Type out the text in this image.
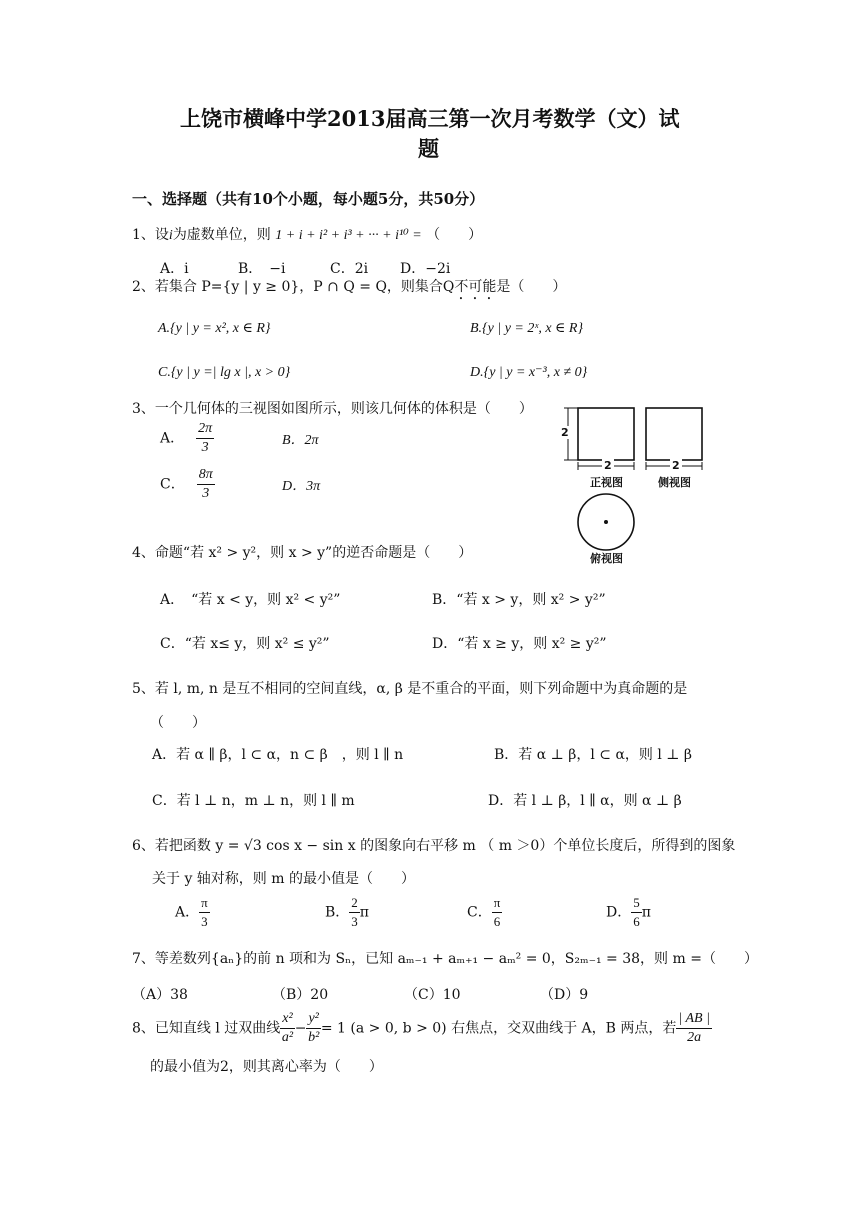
上饶市横峰中学2013届高三第一次月考数学（文）试
题
一、选择题（共有10个小题，每小题5分，共50分）
1、设i为虚数单位，则 1 + i + i² + i³ + ··· + i¹⁰ = （　　）
A．i	B．　−i	C．2i D．−2i
2、若集合 P={y | y ≥ 0}，P ∩ Q = Q，则集合Q不可能是（　　）
A.{y | y = x², x ∈ R}	B.{y | y = 2ˣ, x ∈ R}
C.{y | y =| lg x |, x > 0}	D.{y | y = x⁻³, x ≠ 0}
3、一个几何体的三视图如图所示，则该几何体的体积是（　　）
A． $\frac{2\pi}{3}$	B．2π
C． $\frac{8\pi}{3}$	D．3π
2
2	2
正视图	侧视图
俯视图
4、命题“若 x² > y²，则 x > y”的逆否命题是（　　）
A．　“若 x < y，则 x² < y²”	B．“若 x > y，则 x² > y²”
C．“若 x≤ y，则 x² ≤ y²”	D．“若 x ≥ y，则 x² ≥ y²”
5、若 l, m, n 是互不相同的空间直线，α, β 是不重合的平面，则下列命题中为真命题的是
（　　）
A．若 α ∥ β，l ⊂ α，n ⊂ β　，则 l ∥ n	B．若 α ⊥ β，l ⊂ α，则 l ⊥ β
C．若 l ⊥ n，m ⊥ n，则 l ∥ m	D．若 l ⊥ β，l ∥ α，则 α ⊥ β
6、若把函数 y = √3 cos x − sin x 的图象向右平移 m （ m ＞0）个单位长度后，所得到的图象
关于 y 轴对称，则 m 的最小值是（　　）
A． $\frac{\pi}{3}$	B． $\frac{2}{3}$ π	C． $\frac{\pi}{6}$	D． $\frac{5}{6}$ π
7、等差数列{aₙ}的前 n 项和为 Sₙ，已知 aₘ₋₁ + aₘ₊₁ − aₘ² = 0，S₂ₘ₋₁ = 38，则 m =（　　）
（A）38	（B）20	（C）10	（D）9
8、已知直线 l 过双曲线 $\frac{\text{x²}}{\text{a²}} - \frac{\text{y²}}{\text{b²}} = 1$ (a > 0, b > 0) 右焦点，交双曲线于 A，B 两点，若 $\frac{| AB |}{2a}$
的最小值为2，则其离心率为（　　）
